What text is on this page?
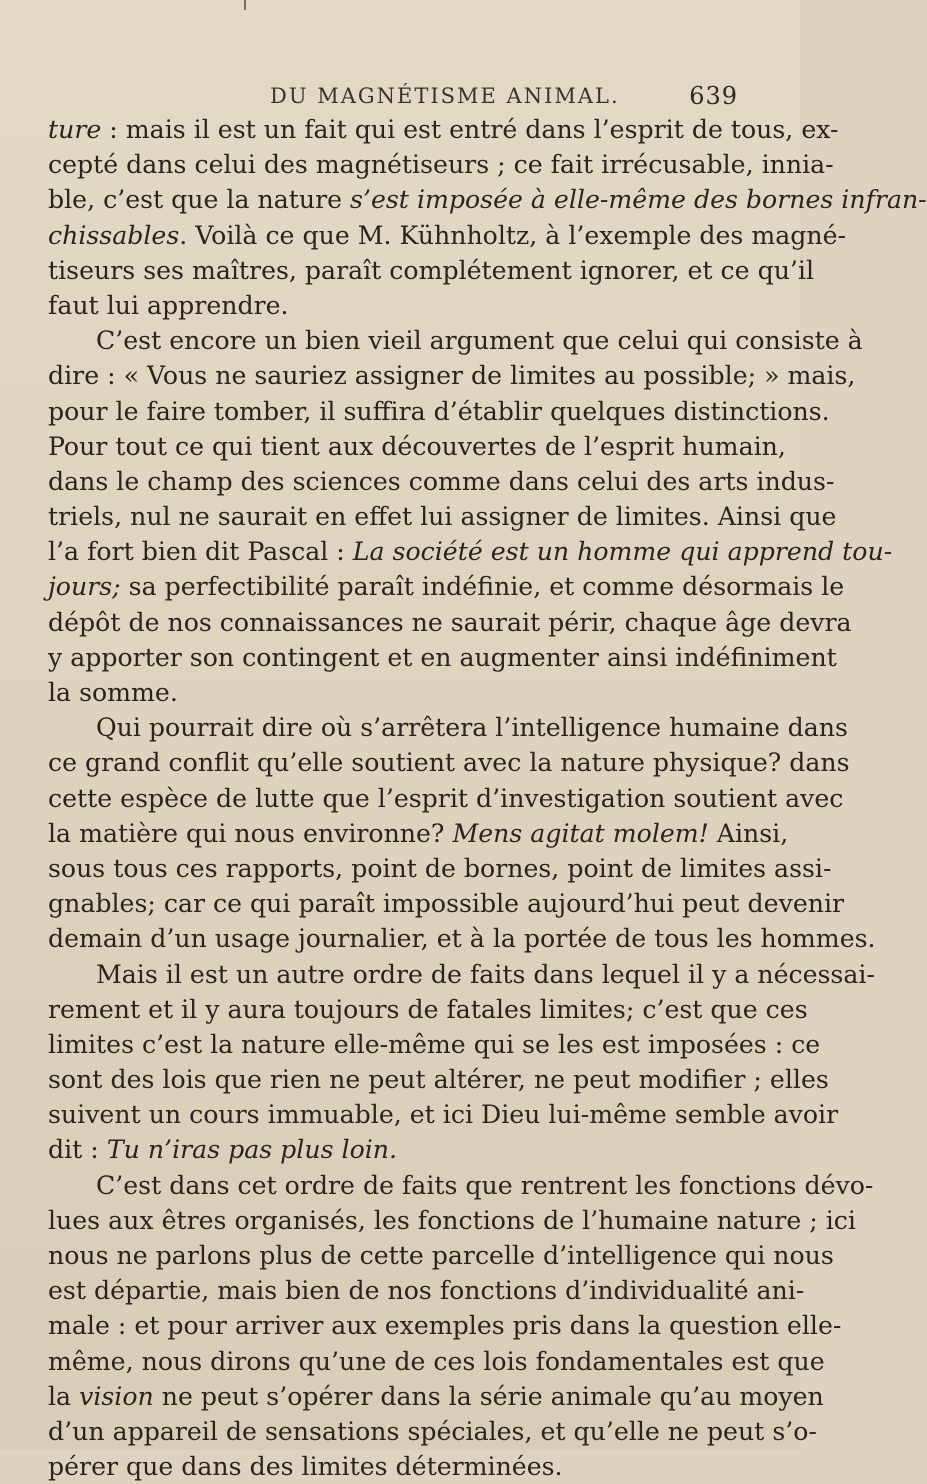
DU MAGNÉTISME ANIMAL.	639
ture : mais il est un fait qui est entré dans l’esprit de tous, ex-
cepté dans celui des magnétiseurs ; ce fait irrécusable, innia-
ble, c’est que la nature s’est imposée à elle-même des bornes infran-
chissables. Voilà ce que M. Kühnholtz, à l’exemple des magné-
tiseurs ses maîtres, paraît complétement ignorer, et ce qu’il
faut lui apprendre.
C’est encore un bien vieil argument que celui qui consiste à
dire : « Vous ne sauriez assigner de limites au possible; » mais,
pour le faire tomber, il suffira d’établir quelques distinctions.
Pour tout ce qui tient aux découvertes de l’esprit humain,
dans le champ des sciences comme dans celui des arts indus-
triels, nul ne saurait en effet lui assigner de limites. Ainsi que
l’a fort bien dit Pascal : La société est un homme qui apprend tou-
jours; sa perfectibilité paraît indéfinie, et comme désormais le
dépôt de nos connaissances ne saurait périr, chaque âge devra
y apporter son contingent et en augmenter ainsi indéfiniment
la somme.
Qui pourrait dire où s’arrêtera l’intelligence humaine dans
ce grand conflit qu’elle soutient avec la nature physique? dans
cette espèce de lutte que l’esprit d’investigation soutient avec
la matière qui nous environne? Mens agitat molem! Ainsi,
sous tous ces rapports, point de bornes, point de limites assi-
gnables; car ce qui paraît impossible aujourd’hui peut devenir
demain d’un usage journalier, et à la portée de tous les hommes.
Mais il est un autre ordre de faits dans lequel il y a nécessai-
rement et il y aura toujours de fatales limites; c’est que ces
limites c’est la nature elle-même qui se les est imposées : ce
sont des lois que rien ne peut altérer, ne peut modifier ; elles
suivent un cours immuable, et ici Dieu lui-même semble avoir
dit : Tu n’iras pas plus loin.
C’est dans cet ordre de faits que rentrent les fonctions dévo-
lues aux êtres organisés, les fonctions de l’humaine nature ; ici
nous ne parlons plus de cette parcelle d’intelligence qui nous
est départie, mais bien de nos fonctions d’individualité ani-
male : et pour arriver aux exemples pris dans la question elle-
même, nous dirons qu’une de ces lois fondamentales est que
la vision ne peut s’opérer dans la série animale qu’au moyen
d’un appareil de sensations spéciales, et qu’elle ne peut s’o-
pérer que dans des limites déterminées.
